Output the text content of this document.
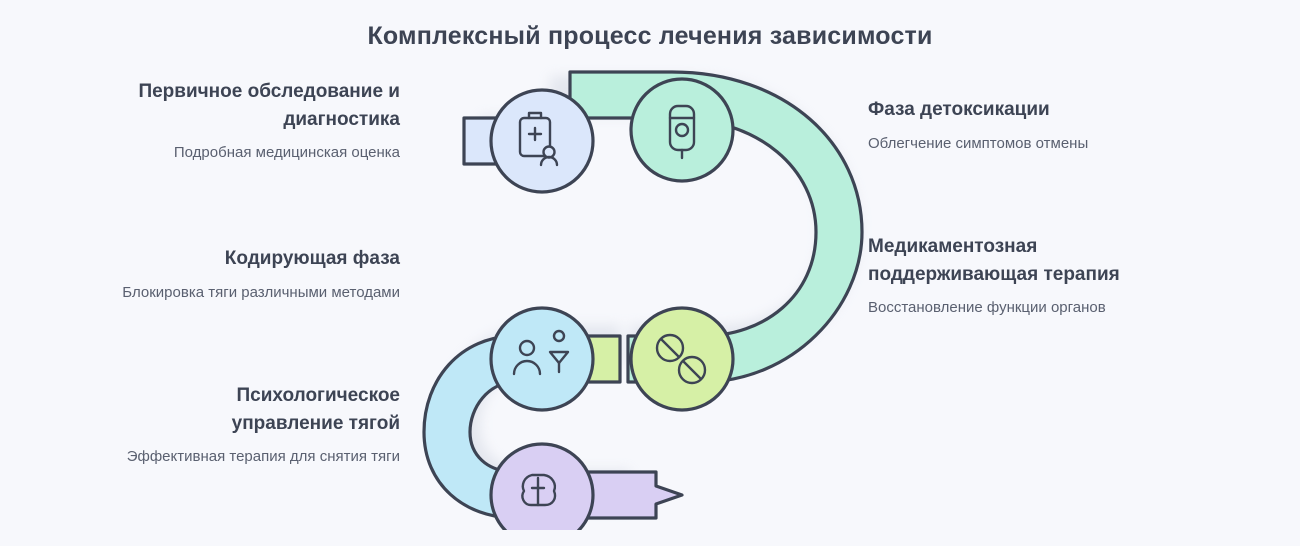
Комплексный процесс лечения зависимости
Первичное обследование и диагностика
Подробная медицинская оценка
Кодирующая фаза
Блокировка тяги различными методами
Психологическое управление тягой
Эффективная терапия для снятия тяги
Фаза детоксикации
Облегчение симптомов отмены
Медикаментозная поддерживающая терапия
Восстановление функции органов
